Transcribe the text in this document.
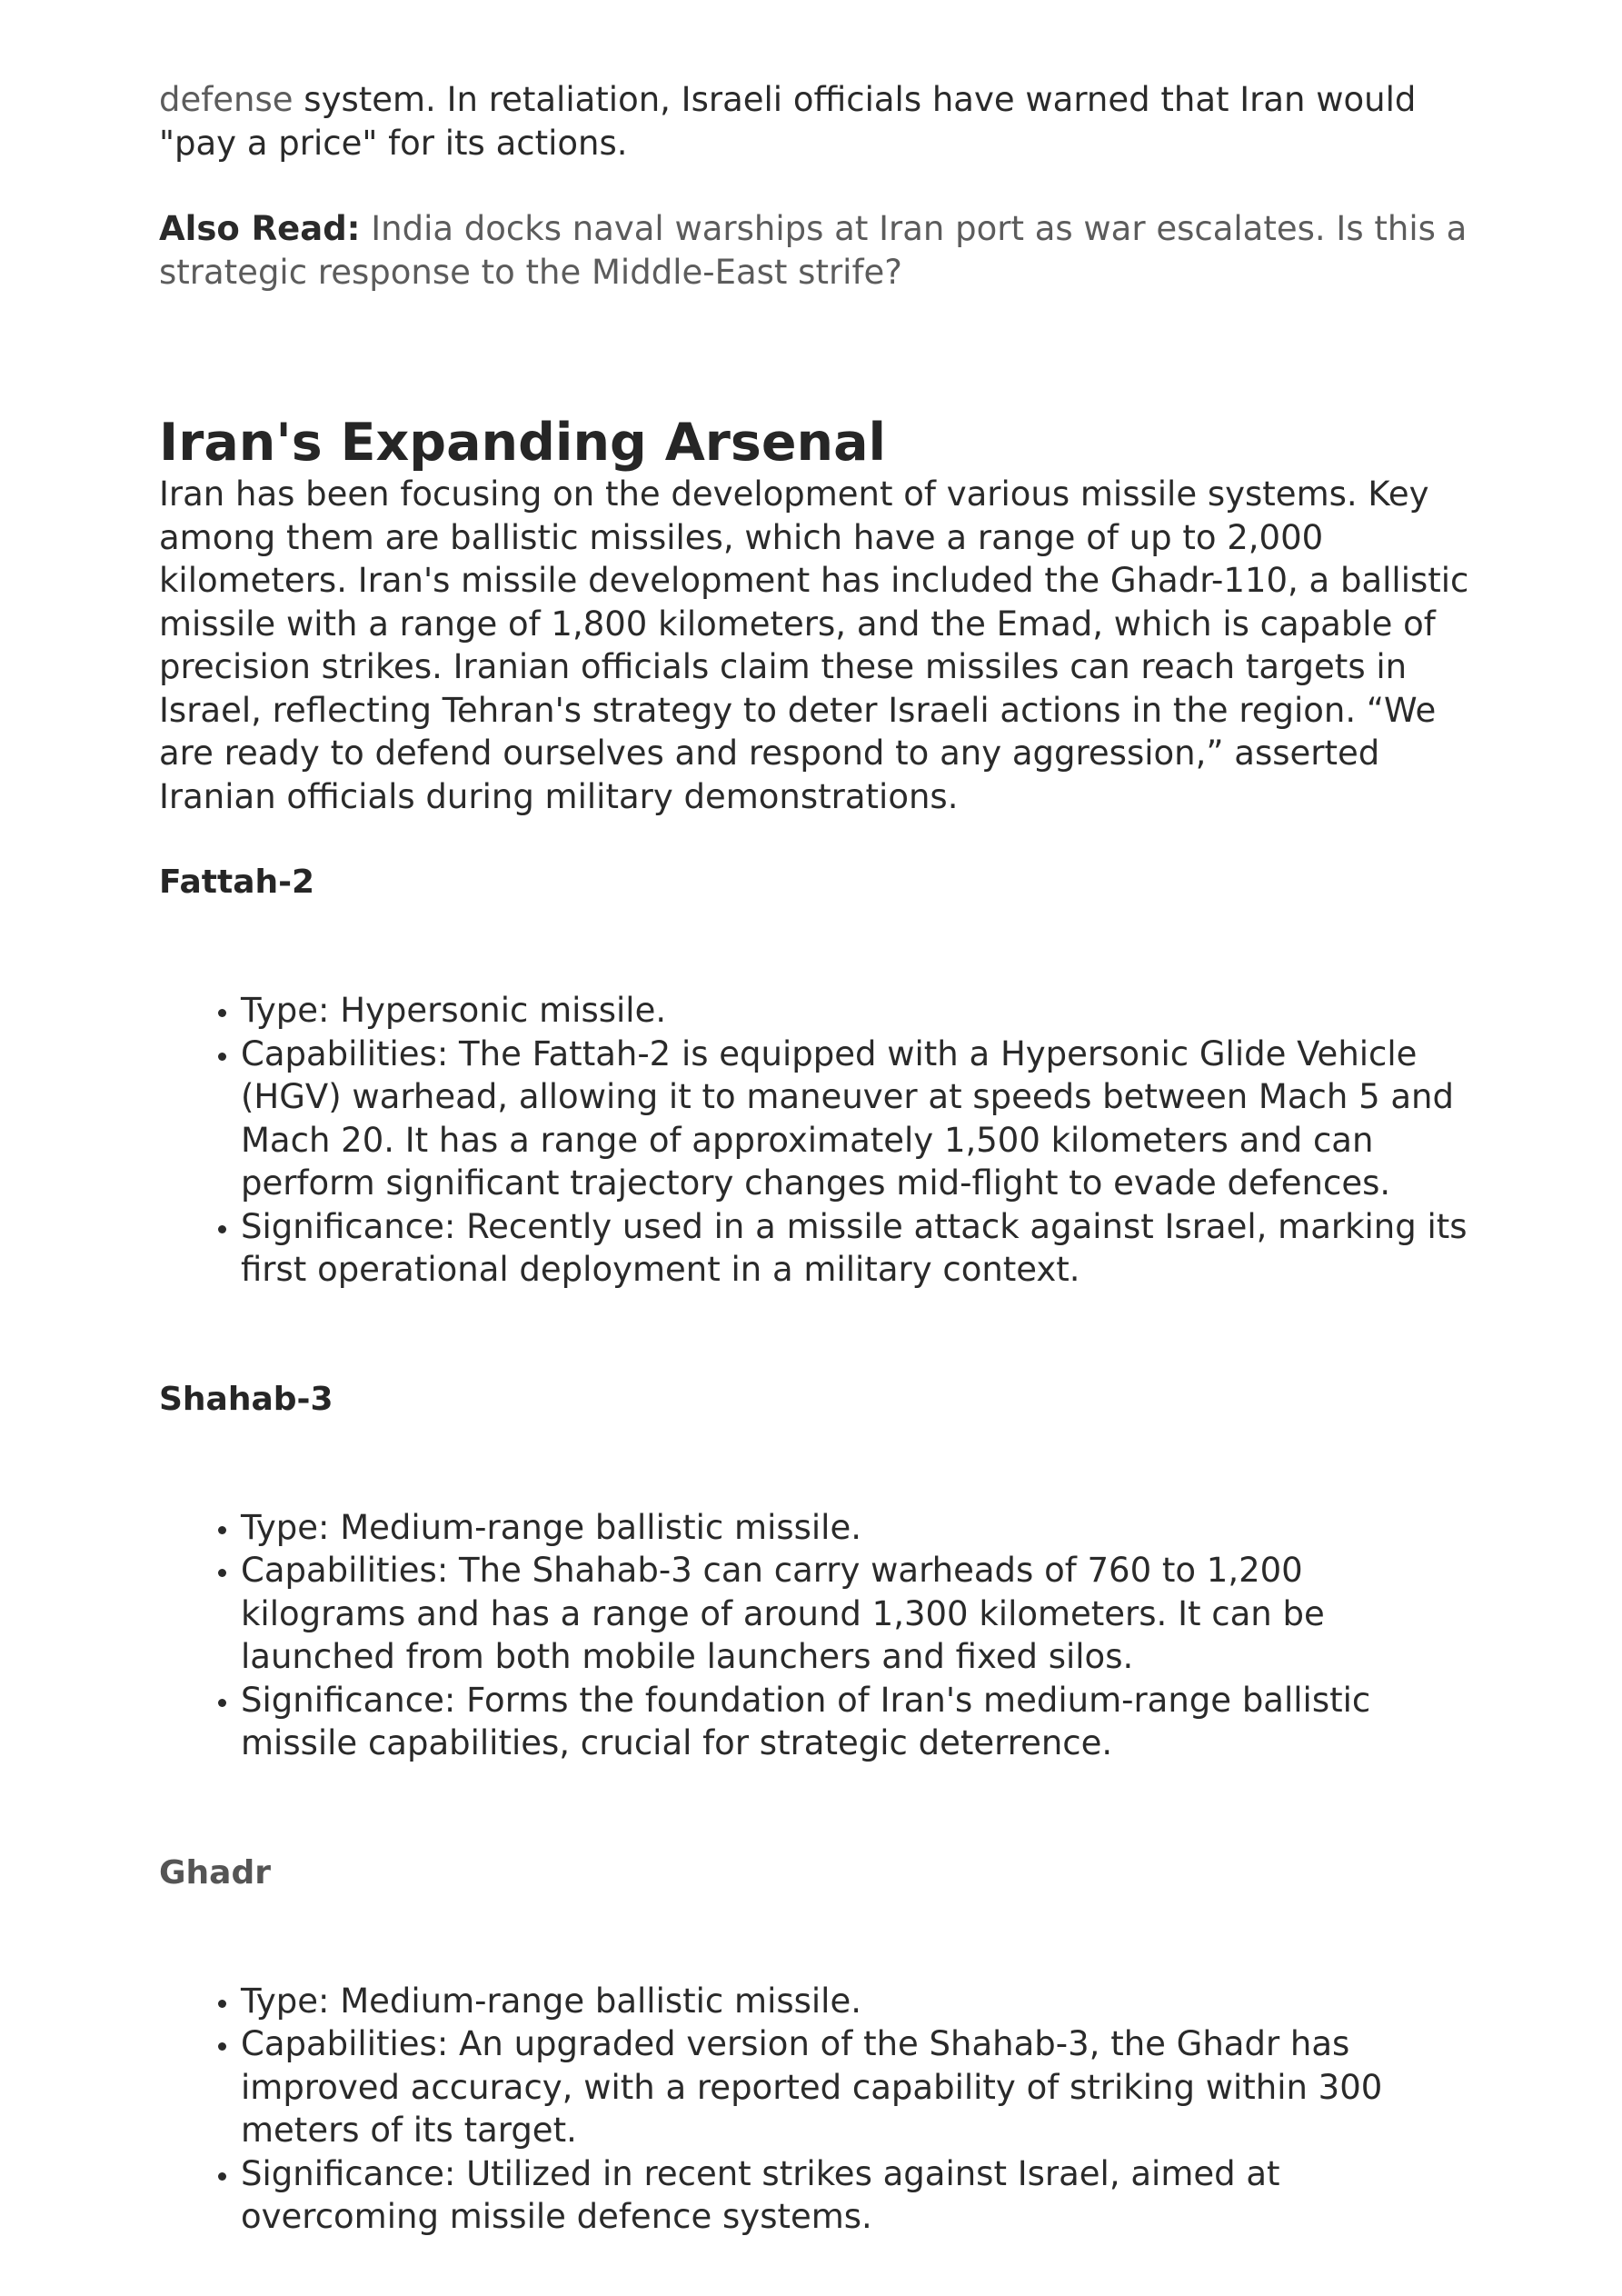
defense system. In retaliation, Israeli officials have warned that Iran would "pay a price" for its actions.

Also Read: India docks naval warships at Iran port as war escalates. Is this a strategic response to the Middle-East strife?

Iran's Expanding Arsenal

Iran has been focusing on the development of various missile systems. Key among them are ballistic missiles, which have a range of up to 2,000 kilometers. Iran's missile development has included the Ghadr-110, a ballistic missile with a range of 1,800 kilometers, and the Emad, which is capable of precision strikes. Iranian officials claim these missiles can reach targets in Israel, reflecting Tehran's strategy to deter Israeli actions in the region. “We are ready to defend ourselves and respond to any aggression,” asserted Iranian officials during military demonstrations.

Fattah-2
• Type: Hypersonic missile.
• Capabilities: The Fattah-2 is equipped with a Hypersonic Glide Vehicle (HGV) warhead, allowing it to maneuver at speeds between Mach 5 and Mach 20. It has a range of approximately 1,500 kilometers and can perform significant trajectory changes mid-flight to evade defences.
• Significance: Recently used in a missile attack against Israel, marking its first operational deployment in a military context.
Shahab-3
• Type: Medium-range ballistic missile.
• Capabilities: The Shahab-3 can carry warheads of 760 to 1,200 kilograms and has a range of around 1,300 kilometers. It can be launched from both mobile launchers and fixed silos.
• Significance: Forms the foundation of Iran's medium-range ballistic missile capabilities, crucial for strategic deterrence.
Ghadr
• Type: Medium-range ballistic missile.
• Capabilities: An upgraded version of the Shahab-3, the Ghadr has improved accuracy, with a reported capability of striking within 300 meters of its target.
• Significance: Utilized in recent strikes against Israel, aimed at overcoming missile defence systems.
